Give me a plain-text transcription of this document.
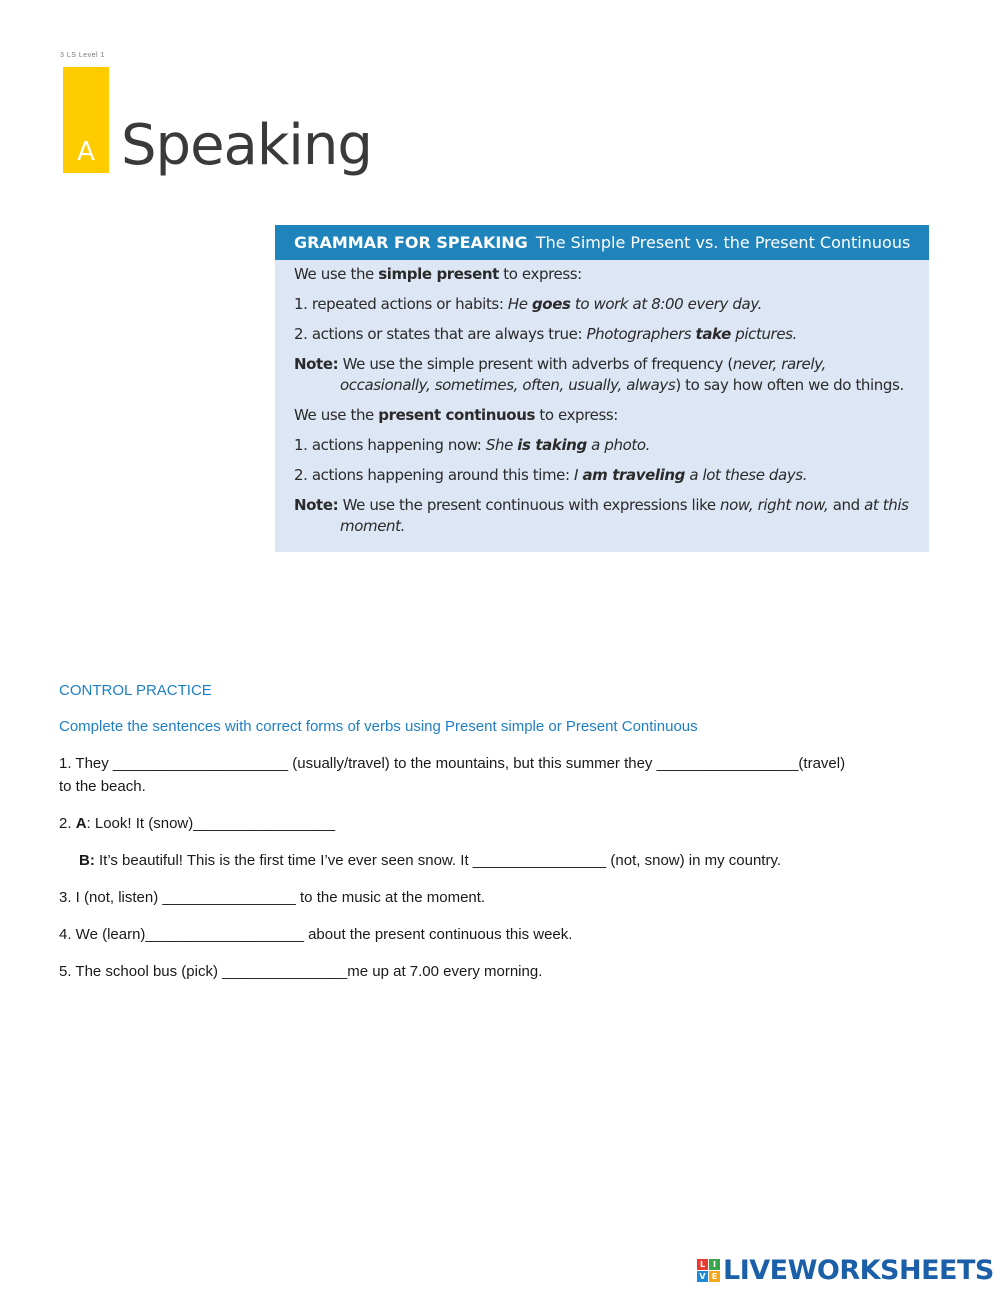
3 LS Level 1
A Speaking
GRAMMAR FOR SPEAKING The Simple Present vs. the Present Continuous
We use the simple present to express:
1. repeated actions or habits: He goes to work at 8:00 every day.
2. actions or states that are always true: Photographers take pictures.
Note: We use the simple present with adverbs of frequency (never, rarely,
occasionally, sometimes, often, usually, always) to say how often we do things.
We use the present continuous to express:
1. actions happening now: She is taking a photo.
2. actions happening around this time: I am traveling a lot these days.
Note: We use the present continuous with expressions like now, right now, and at this
moment.
CONTROL PRACTICE
Complete the sentences with correct forms of verbs using Present simple or Present Continuous
1. They _____________________ (usually/travel) to the mountains, but this summer they _________________(travel)
to the beach.
2. A: Look! It (snow)_________________
B: It’s beautiful! This is the first time I’ve ever seen snow. It ________________ (not, snow) in my country.
3. I (not, listen) ________________ to the music at the moment.
4. We (learn)___________________ about the present continuous this week.
5. The school bus (pick) _______________me up at 7.00 every morning.
L I
V E LIVEWORKSHEETS
